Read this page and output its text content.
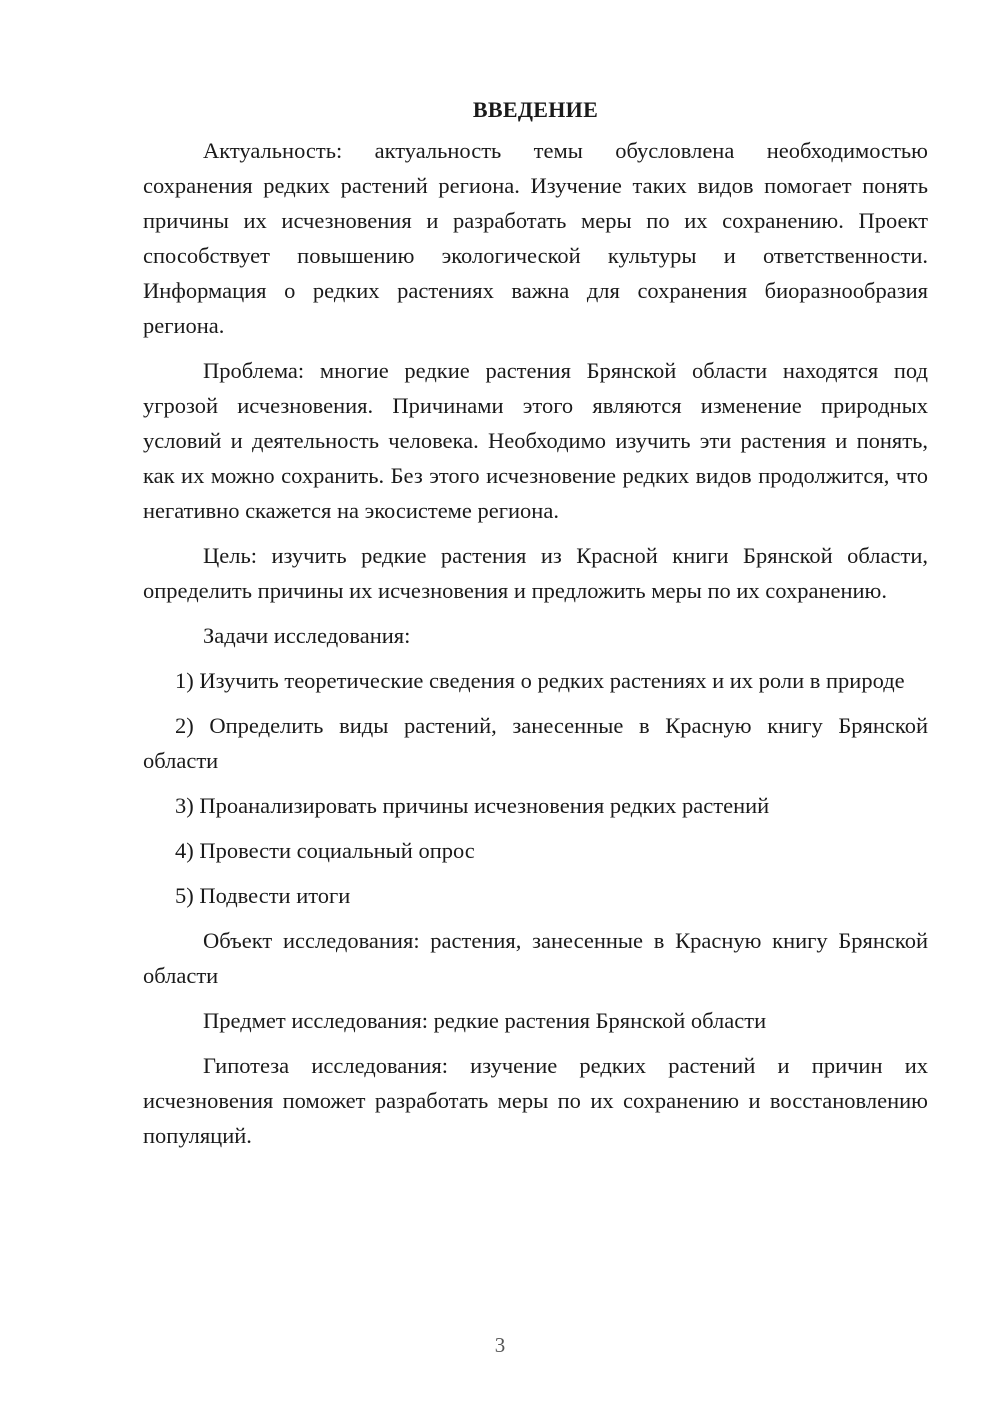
ВВЕДЕНИЕ

Актуальность: актуальность темы обусловлена необходимостью сохранения редких растений региона. Изучение таких видов помогает понять причины их исчезновения и разработать меры по их сохранению. Проект способствует повышению экологической культуры и ответственности. Информация о редких растениях важна для сохранения биоразнообразия региона.

Проблема: многие редкие растения Брянской области находятся под угрозой исчезновения. Причинами этого являются изменение природных условий и деятельность человека. Необходимо изучить эти растения и понять, как их можно сохранить. Без этого исчезновение редких видов продолжится, что негативно скажется на экосистеме региона.

Цель: изучить редкие растения из Красной книги Брянской области, определить причины их исчезновения и предложить меры по их сохранению.

Задачи исследования:

1) Изучить теоретические сведения о редких растениях и их роли в природе

2) Определить виды растений, занесенные в Красную книгу Брянской области

3) Проанализировать причины исчезновения редких растений

4) Провести социальный опрос

5) Подвести итоги

Объект исследования: растения, занесенные в Красную книгу Брянской области

Предмет исследования: редкие растения Брянской области

Гипотеза исследования: изучение редких растений и причин их исчезновения поможет разработать меры по их сохранению и восстановлению популяций.

3
